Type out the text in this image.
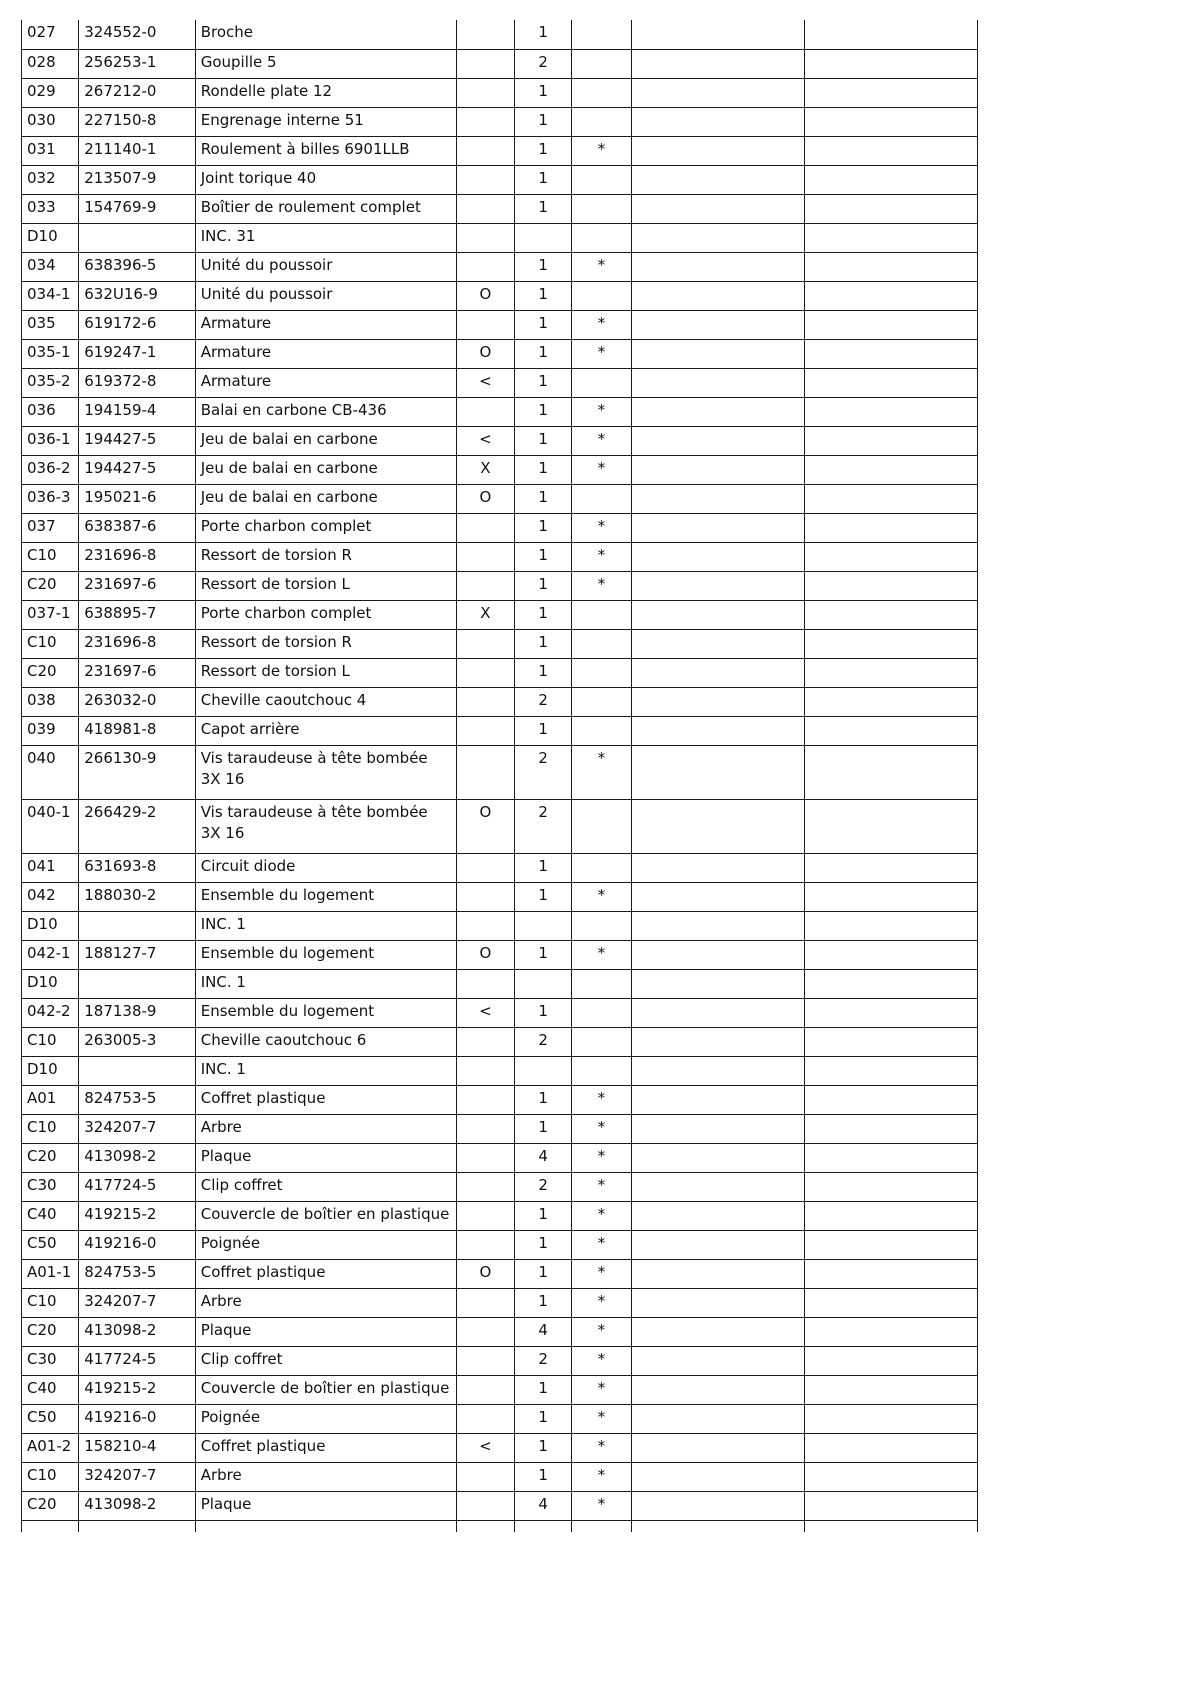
027	324552-0	Broche		1			
028	256253-1	Goupille 5		2			
029	267212-0	Rondelle plate 12		1			
030	227150-8	Engrenage interne 51		1			
031	211140-1	Roulement à billes 6901LLB		1	*		
032	213507-9	Joint torique 40		1			
033	154769-9	Boîtier de roulement complet		1			
D10		INC. 31					
034	638396-5	Unité du poussoir		1	*		
034-1	632U16-9	Unité du poussoir	O	1			
035	619172-6	Armature		1	*		
035-1	619247-1	Armature	O	1	*		
035-2	619372-8	Armature	<	1			
036	194159-4	Balai en carbone CB-436		1	*		
036-1	194427-5	Jeu de balai en carbone	<	1	*		
036-2	194427-5	Jeu de balai en carbone	X	1	*		
036-3	195021-6	Jeu de balai en carbone	O	1			
037	638387-6	Porte charbon complet		1	*		
C10	231696-8	Ressort de torsion R		1	*		
C20	231697-6	Ressort de torsion L		1	*		
037-1	638895-7	Porte charbon complet	X	1			
C10	231696-8	Ressort de torsion R		1			
C20	231697-6	Ressort de torsion L		1			
038	263032-0	Cheville caoutchouc 4		2			
039	418981-8	Capot arrière		1			
040	266130-9	Vis taraudeuse à tête bombée 3X 16		2	*		
040-1	266429-2	Vis taraudeuse à tête bombée 3X 16	O	2			
041	631693-8	Circuit diode		1			
042	188030-2	Ensemble du logement		1	*		
D10		INC. 1					
042-1	188127-7	Ensemble du logement	O	1	*		
D10		INC. 1					
042-2	187138-9	Ensemble du logement	<	1			
C10	263005-3	Cheville caoutchouc 6		2			
D10		INC. 1					
A01	824753-5	Coffret plastique		1	*		
C10	324207-7	Arbre		1	*		
C20	413098-2	Plaque		4	*		
C30	417724-5	Clip coffret		2	*		
C40	419215-2	Couvercle de boîtier en plastique		1	*		
C50	419216-0	Poignée		1	*		
A01-1	824753-5	Coffret plastique	O	1	*		
C10	324207-7	Arbre		1	*		
C20	413098-2	Plaque		4	*		
C30	417724-5	Clip coffret		2	*		
C40	419215-2	Couvercle de boîtier en plastique		1	*		
C50	419216-0	Poignée		1	*		
A01-2	158210-4	Coffret plastique	<	1	*		
C10	324207-7	Arbre		1	*		
C20	413098-2	Plaque		4	*		
